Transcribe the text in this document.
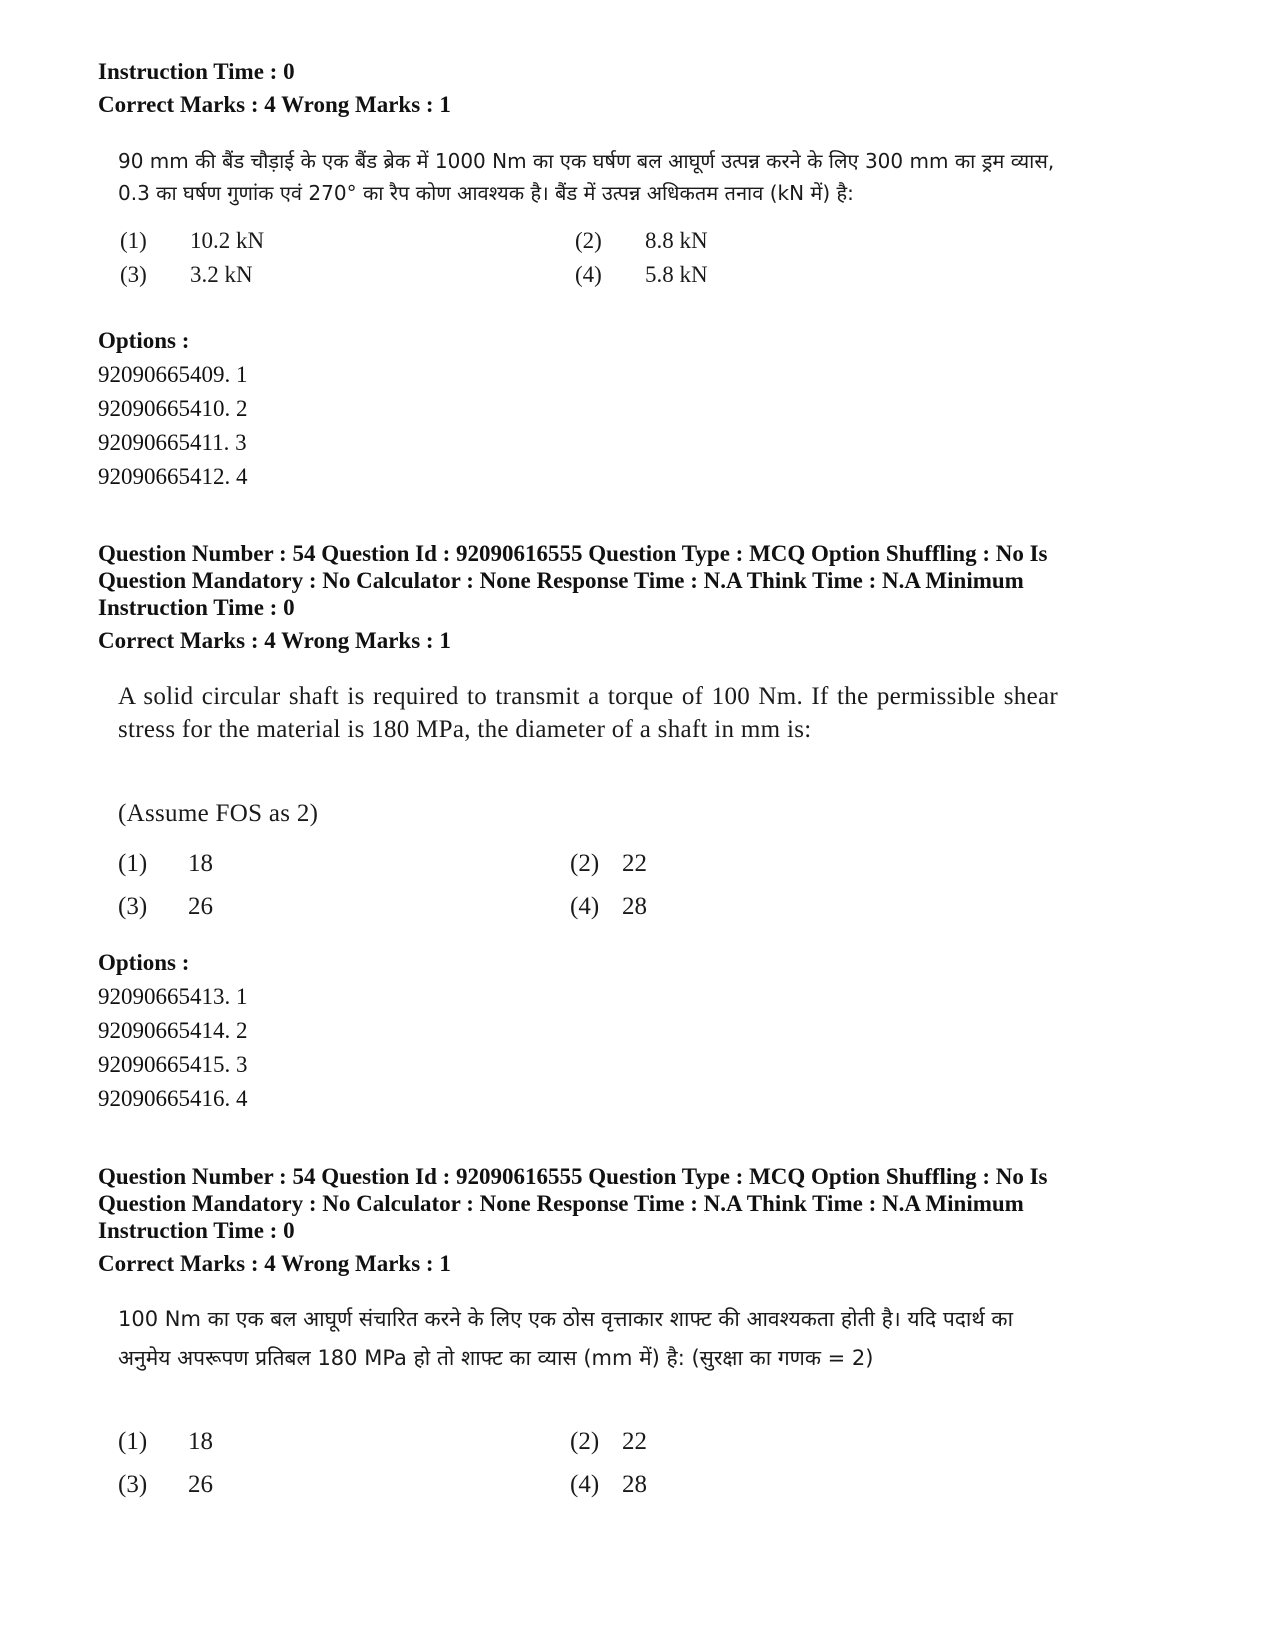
Instruction Time : 0

Correct Marks : 4 Wrong Marks : 1

90 mm की बैंड चौड़ाई के एक बैंड ब्रेक में 1000 Nm का एक घर्षण बल आघूर्ण उत्पन्न करने के लिए 300 mm का ड्रम व्यास, 0.3 का घर्षण गुणांक एवं 270° का रैप कोण आवश्यक है। बैंड में उत्पन्न अधिकतम तनाव (kN में) है:
(1) 10.2 kN	(2) 8.8 kN
(3) 3.2 kN	(4) 5.8 kN
Options :
92090665409. 1
92090665410. 2
92090665411. 3
92090665412. 4

Question Number : 54 Question Id : 92090616555 Question Type : MCQ Option Shuffling : No Is

Question Mandatory : No Calculator : None Response Time : N.A Think Time : N.A Minimum

Instruction Time : 0

Correct Marks : 4 Wrong Marks : 1

A solid circular shaft is required to transmit a torque of 100 Nm. If the permissible shear stress for the material is 180 MPa, the diameter of a shaft in mm is:
(Assume FOS as 2)
(1) 18	(2) 22
(3) 26	(4) 28
Options :
92090665413. 1
92090665414. 2
92090665415. 3
92090665416. 4

Question Number : 54 Question Id : 92090616555 Question Type : MCQ Option Shuffling : No Is

Question Mandatory : No Calculator : None Response Time : N.A Think Time : N.A Minimum

Instruction Time : 0

Correct Marks : 4 Wrong Marks : 1

100 Nm का एक बल आघूर्ण संचारित करने के लिए एक ठोस वृत्ताकार शाफ्ट की आवश्यकता होती है। यदि पदार्थ का अनुमेय अपरूपण प्रतिबल 180 MPa हो तो शाफ्ट का व्यास (mm में) है: (सुरक्षा का गणक = 2)
(1) 18	(2) 22
(3) 26	(4) 28
